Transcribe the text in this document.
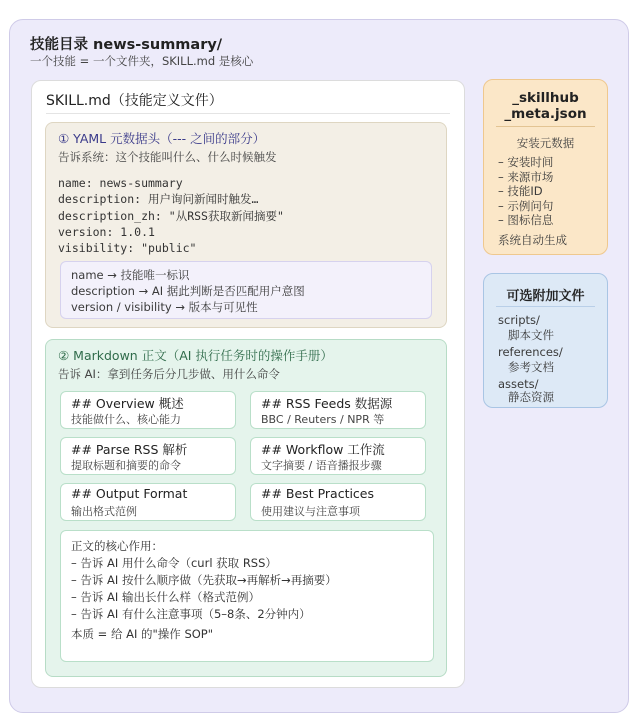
技能目录 news-summary/
一个技能 = 一个文件夹，SKILL.md 是核心
SKILL.md（技能定义文件）
① YAML 元数据头（--- 之间的部分）
告诉系统：这个技能叫什么、什么时候触发
name: news-summary
description: 用户询问新闻时触发…
description_zh: "从RSS获取新闻摘要"
version: 1.0.1
visibility: "public"
name → 技能唯一标识
description → AI 据此判断是否匹配用户意图
version / visibility → 版本与可见性
② Markdown 正文（AI 执行任务时的操作手册）
告诉 AI：拿到任务后分几步做、用什么命令
## Overview 概述
技能做什么、核心能力
## RSS Feeds 数据源
BBC / Reuters / NPR 等
## Parse RSS 解析
提取标题和摘要的命令
## Workflow 工作流
文字摘要 / 语音播报步骤
## Output Format
输出格式范例
## Best Practices
使用建议与注意事项
正文的核心作用：
– 告诉 AI 用什么命令（curl 获取 RSS）
– 告诉 AI 按什么顺序做（先获取→再解析→再摘要）
– 告诉 AI 输出长什么样（格式范例）
– 告诉 AI 有什么注意事项（5–8条、2分钟内）
本质 = 给 AI 的"操作 SOP"
_skillhub
_meta.json
安装元数据
– 安装时间
– 来源市场
– 技能ID
– 示例问句
– 图标信息
系统自动生成
可选附加文件
scripts/
脚本文件
references/
参考文档
assets/
静态资源
